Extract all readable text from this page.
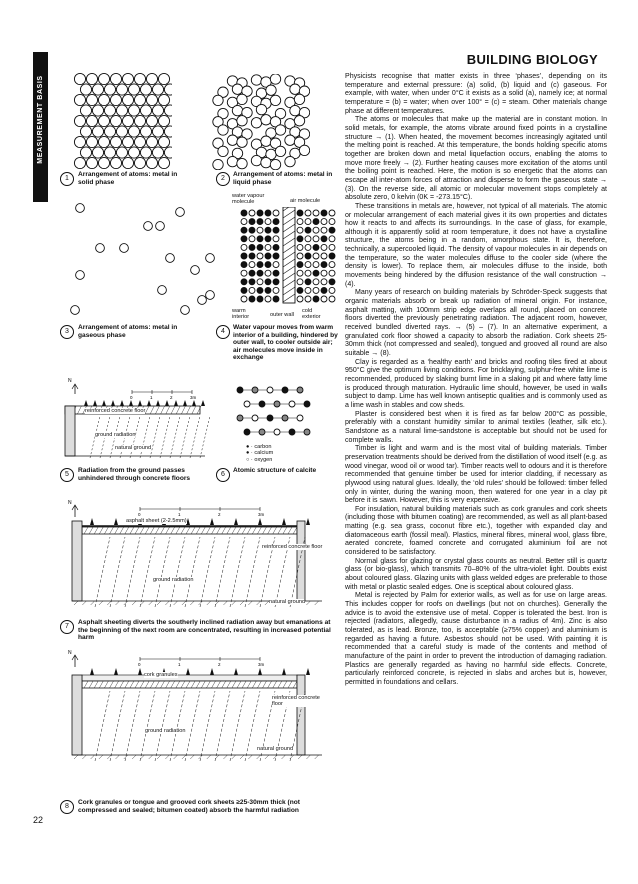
MEASUREMENT BASIS
BUILDING BIOLOGY

Physicists recognise that matter exists in three ‘phases’, depending on its temperature and external pressure: (a) solid, (b) liquid and (c) gaseous. For example, with water, when under 0°C it exists as a solid (a), namely ice; at normal temperature = (b) = water; when over 100° = (c) = steam. Other materials change phase at different temperatures.

The atoms or molecules that make up the material are in constant motion. In solid metals, for example, the atoms vibrate around fixed points in a crystalline structure → (1). When heated, the movement becomes increasingly agitated until the melting point is reached. At this temperature, the bonds holding specific atoms together are broken down and metal liquefaction occurs, enabling the atoms to move more freely → (2). Further heating causes more excitation of the atoms until the boiling point is reached. Here, the motion is so energetic that the atoms can escape all inter-atom forces of attraction and disperse to form the gaseous state → (3). On the reverse side, all atomic or molecular movement stops completely at absolute zero, 0 kelvin (0K = -273.15°C).

These transitions in metals are, however, not typical of all materials. The atomic or molecular arrangement of each material gives it its own properties and dictates how it reacts to and affects its surroundings. In the case of glass, for example, although it is apparently solid at room temperature, it does not have a crystalline structure, the atoms being in a random, amorphous state. It is, therefore, technically, a supercooled liquid. The density of vapour molecules in air depends on the temperature, so the water molecules diffuse to the cooler side (where the density is lower). To replace them, air molecules diffuse to the inside, both movements being hindered by the diffusion resistance of the wall construction → (4).

Many years of research on building materials by Schröder-Speck suggests that organic materials absorb or break up radiation of mineral origin. For instance, asphalt matting, with 100mm strip edge overlaps all round, placed on concrete floors diverted the previously penetrating radiation. The adjacent room, however, received bundled diverted rays. → (5) – (7). In an alternative experiment, a granulated cork floor showed a capacity to absorb the radiation. Cork sheets 25-30mm thick (not compressed and sealed), tongued and grooved all round are also suitable → (8).

Clay is regarded as a ‘healthy earth’ and bricks and roofing tiles fired at about 950°C give the optimum living conditions. For bricklaying, sulphur-free white lime is recommended, produced by slaking burnt lime in a slaking pit and where fatty lime is produced through maturation. Hydraulic lime should, however, be used in walls subject to damp. Lime has well known antiseptic qualities and is commonly used as a lime wash in stables and cow sheds.

Plaster is considered best when it is fired as far below 200°C as possible, preferably with a constant humidity similar to animal textiles (leather, silk etc.). Sandstone as a natural lime-sandstone is acceptable but should not be used for complete walls.

Timber is light and warm and is the most vital of building materials. Timber preservation treatments should be derived from the distillation of wood itself (e.g. as wood vinegar, wood oil or wood tar). Timber reacts well to odours and it is therefore recommended that genuine timber be used for interior cladding, if necessary as plywood using natural glues. Ideally, the ‘old rules’ should be followed: timber felled only in winter, during the waning moon, then watered for one year in a clay pit before it is sawn. However, this is very expensive.

For insulation, natural building materials such as cork granules and cork sheets (including those with bitumen coating) are recommended, as well as all plant-based matting (e.g. sea grass, coconut fibre etc.), together with expanded clay and diatomaceous earth (fossil meal). Plastics, mineral fibres, mineral wool, glass fibre, aerated concrete, foamed concrete and corrugated aluminium foil are not considered to be satisfactory.

Normal glass for glazing or crystal glass counts as neutral. Better still is quartz glass (or bio-glass), which transmits 70–80% of the ultra-violet light. Doubts exist about coloured glass. Glazing units with glass welded edges are preferable to those with metal or plastic sealed edges. One is sceptical about coloured glass.

Metal is rejected by Palm for exterior walls, as well as for use on large areas. This includes copper for roofs on dwellings (but not on churches). Generally the advice is to avoid the extensive use of metal. Copper is tolerated the best. Iron is rejected (radiators, allegedly, cause disturbance in a radius of 4m). Zinc is also tolerated, as is lead. Bronze, too, is acceptable (≥75% copper) and aluminium is regarded as having a future. Asbestos should not be used. With painting it is recommended that a careful study is made of the contents and method of manufacture of the paint in order to prevent the introduction of damaging radiation. Plastics are generally regarded as having no harmful side effects. Concrete, particularly reinforced concrete, is rejected in slabs and arches but is, however, permitted in foundations and cellars.

22
1
Arrangement of atoms: metal in solid phase
2
Arrangement of atoms: metal in liquid phase
3
Arrangement of atoms: metal in gaseous phase
water vapour molecule	air molecule
warm interior	outer wall
cold exterior
4
Water vapour moves from warm interior of a building, hindered by outer wall, to cooler outside air; air molecules move inside in exchange
N
0	1	2	3m
reinforced concrete floor
ground radiation
natural ground
5
Radiation from the ground passes unhindered through concrete floors
● · carbon
● · calcium
○ · oxygen
6
Atomic structure of calcite
N
0	1	2	3m
asphalt sheet (2-2.5mm)
reinforced concrete floor
ground radiation
natural ground
7
Asphalt sheeting diverts the southerly inclined radiation away but emanations at the beginning of the next room are concentrated, resulting in increased potential harm
N
0	1	2	3m
cork granules
reinforced concrete floor
ground radiation
natural ground
8
Cork granules or tongue and grooved cork sheets ≥25-30mm thick (not compressed and sealed; bitumen coated) absorb the harmful radiation
